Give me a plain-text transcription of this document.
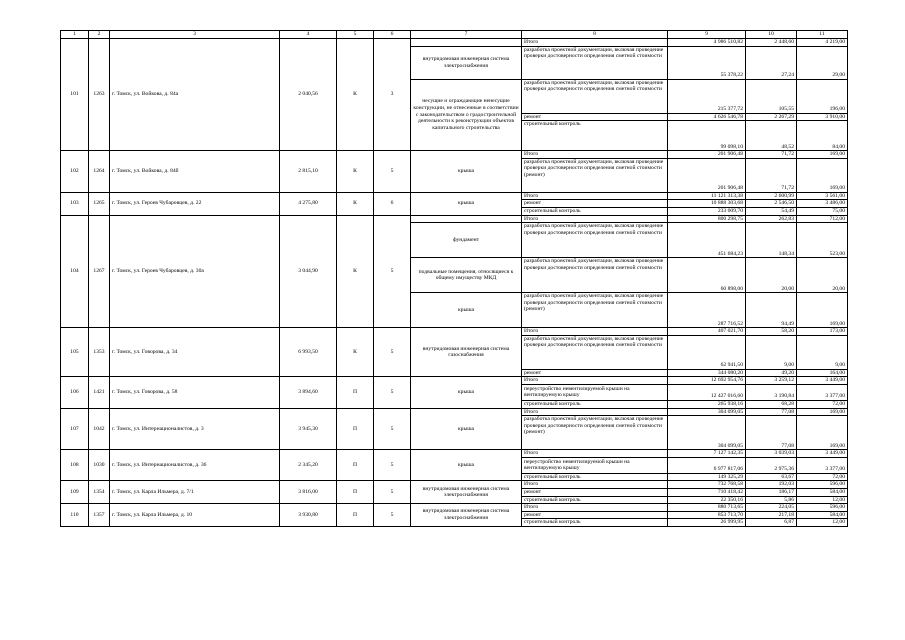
1	2	3	4	5	6	7	8	9	10	11
101	1263	г. Томск, ул. Войкова, д. 84а	2 040,56	К	3		Итого	4 986 510,82	2 448,60	4 219,00
						внутридомовая инженерная система электроснабжения	разработка проектной документации, включая проведение проверки достоверности определения сметной стоимости	55 378,22	27,24	29,00
						несущие и ограждающие ненесущие конструкции, не отнесенные в соответствии с законодательством о градостроительной деятельности к реконструкции объектов капитального строительства	разработка проектной документации, включая проведение проверки достоверности определения сметной стоимости	215 377,72	105,55	196,00
							ремонт	4 626 546,78	2 267,29	3 910,00
							строительный контроль	99 098,10	48,52	84,00

102	1264	г. Томск, ул. Войкова, д. 84б	2 815,10	К	5	крыша	Итого	201 906,48	71,72	169,00
							разработка проектной документации, включая проведение проверки достоверности определения сметной стоимости (ремонт)	201 906,48	71,72	169,00
103	1265	г. Томск, ул. Героев Чубаровцев, д. 22	4 275,80	К	6	крыша	Итого	11 121 313,38	2 600,99	3 561,00
							ремонт	10 888 303,68	2 546,50	3 486,00
							строительный контроль	233 009,70	54,49	75,00
104	1267	г. Томск, ул. Героев Чубаровцев, д. 30а	3 044,90	К	5		Итого	800 298,75	262,83	712,00
						фундамент	разработка проектной документации, включая проведение проверки достоверности определения сметной стоимости	451 684,23	148,34	523,00
						подвальные помещения, относящиеся к общему имуществу МКД	разработка проектной документации, включая проведение проверки достоверности определения сметной стоимости	60 898,00	20,00	20,00
						крыша	разработка проектной документации, включая проведение проверки достоверности определения сметной стоимости (ремонт)	287 716,52	94,49	169,00
105	1353	г. Томск, ул. Говорова, д. 34	6 993,50	К	5	внутридомовая инженерная система газоснабжения	Итого	407 021,70	58,20	173,00
							разработка проектной документации, включая проведение проверки достоверности определения сметной стоимости	62 941,50	9,00	9,00
							ремонт	344 080,20	49,20	164,00
106	1421	г. Томск, ул. Говорова, д. 58	3 894,60	П	5	крыша	Итого	12 692 954,76	3 259,12	3 449,00
							переустройство невентилируемой крыши на вентилируемую крышу	12 427 016,60	3 190,84	3 377,00
							строительный контроль	265 938,16	68,28	72,00
107	1042	г. Томск, ул. Интернационалистов, д. 3	3 945,30	П	5	крыша	Итого	304 099,05	77,08	169,00
							разработка проектной документации, включая проведение проверки достоверности определения сметной стоимости (ремонт)	304 099,05	77,08	169,00
108	1030	г. Томск, ул. Интернационалистов, д. 36	2 345,20	П	5	крыша	Итого	7 127 142,35	3 039,03	3 449,00
							переустройство невентилируемой крыши на вентилируемую крышу	6 977 817,06	2 975,36	3 377,00
							строительный контроль	149 325,29	63,67	72,00
109	1354	г. Томск, ул. Карла Ильмера, д. 7/1	3 816,00	П	5	внутридомовая инженерная система электроснабжения	Итого	732 768,58	192,03	596,00
							ремонт	710 418,42	186,17	584,00
							строительный контроль	22 350,16	5,86	12,00
110	1357	г. Томск, ул. Карла Ильмера, д. 10	3 930,80	П	5	внутридомовая инженерная система электроснабжения	Итого	880 713,65	224,05	596,00
							ремонт	853 713,70	217,18	584,00
							строительный контроль	26 999,95	6,87	12,00
